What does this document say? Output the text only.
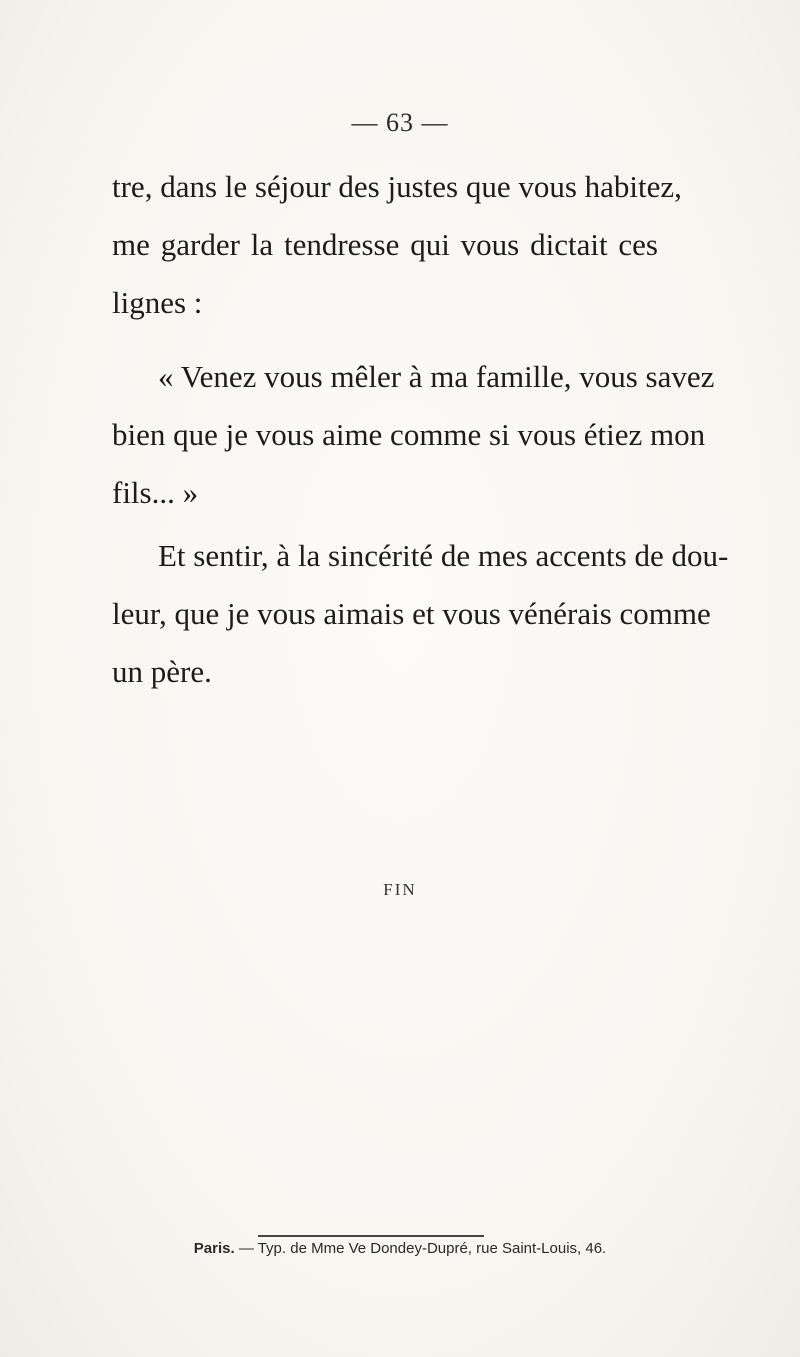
— 63 —
tre, dans le séjour des justes que vous habitez,
me garder la tendresse qui vous dictait ces
lignes :
« Venez vous mêler à ma famille, vous savez
bien que je vous aime comme si vous étiez mon
fils... »
Et sentir, à la sincérité de mes accents de dou-
leur, que je vous aimais et vous vénérais comme
un père.
FIN
Paris. — Typ. de Mme Ve Dondey-Dupré, rue Saint-Louis, 46.
